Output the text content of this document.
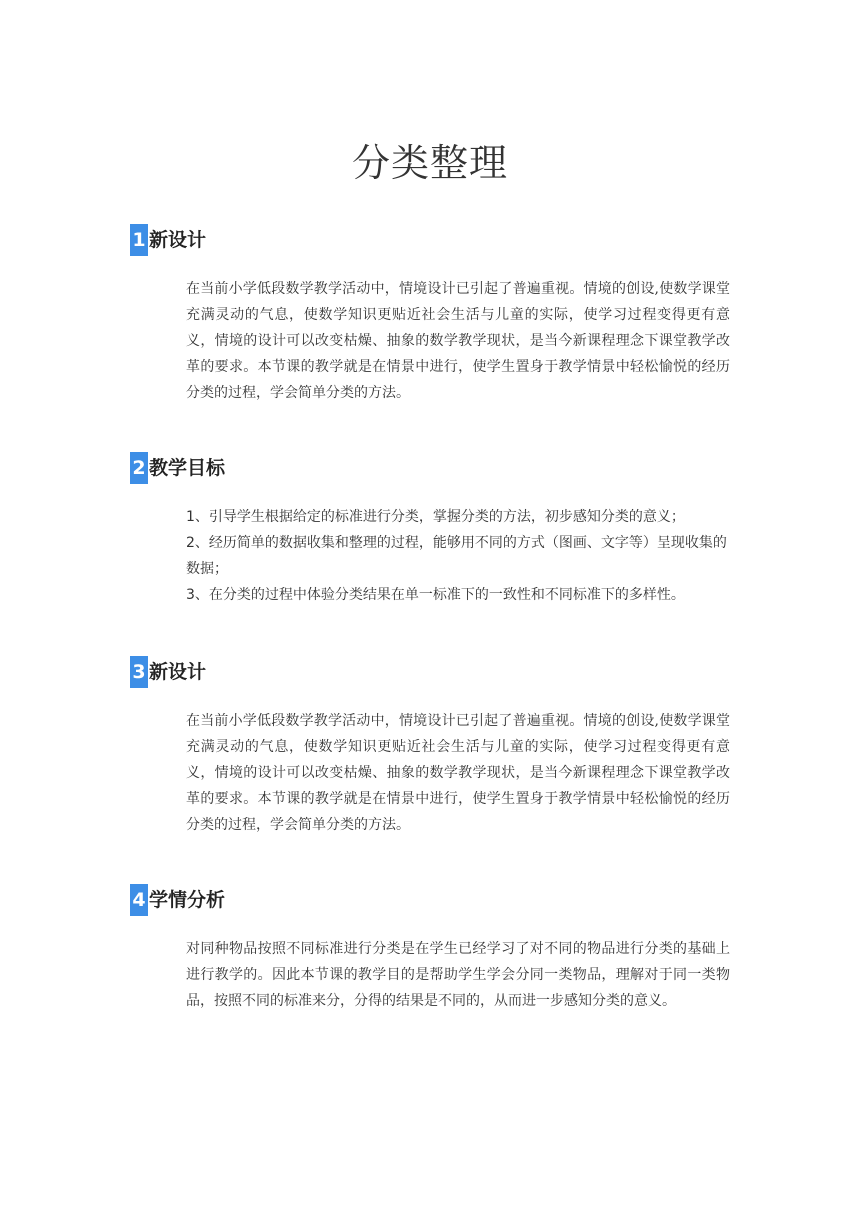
分类整理
1 新设计

在当前小学低段数学教学活动中，情境设计已引起了普遍重视。情境的创设,使数学课堂充满灵动的气息，使数学知识更贴近社会生活与儿童的实际，使学习过程变得更有意义，情境的设计可以改变枯燥、抽象的数学教学现状，是当今新课程理念下课堂教学改革的要求。本节课的教学就是在情景中进行，使学生置身于教学情景中轻松愉悦的经历分类的过程，学会简单分类的方法。

2 教学目标
1、引导学生根据给定的标准进行分类，掌握分类的方法，初步感知分类的意义；
2、经历简单的数据收集和整理的过程，能够用不同的方式（图画、文字等）呈现收集的数据；
3、在分类的过程中体验分类结果在单一标准下的一致性和不同标准下的多样性。
3 新设计

在当前小学低段数学教学活动中，情境设计已引起了普遍重视。情境的创设,使数学课堂充满灵动的气息，使数学知识更贴近社会生活与儿童的实际，使学习过程变得更有意义，情境的设计可以改变枯燥、抽象的数学教学现状，是当今新课程理念下课堂教学改革的要求。本节课的教学就是在情景中进行，使学生置身于教学情景中轻松愉悦的经历分类的过程，学会简单分类的方法。

4 学情分析

对同种物品按照不同标准进行分类是在学生已经学习了对不同的物品进行分类的基础上进行教学的。因此本节课的教学目的是帮助学生学会分同一类物品，理解对于同一类物品，按照不同的标准来分，分得的结果是不同的，从而进一步感知分类的意义。
